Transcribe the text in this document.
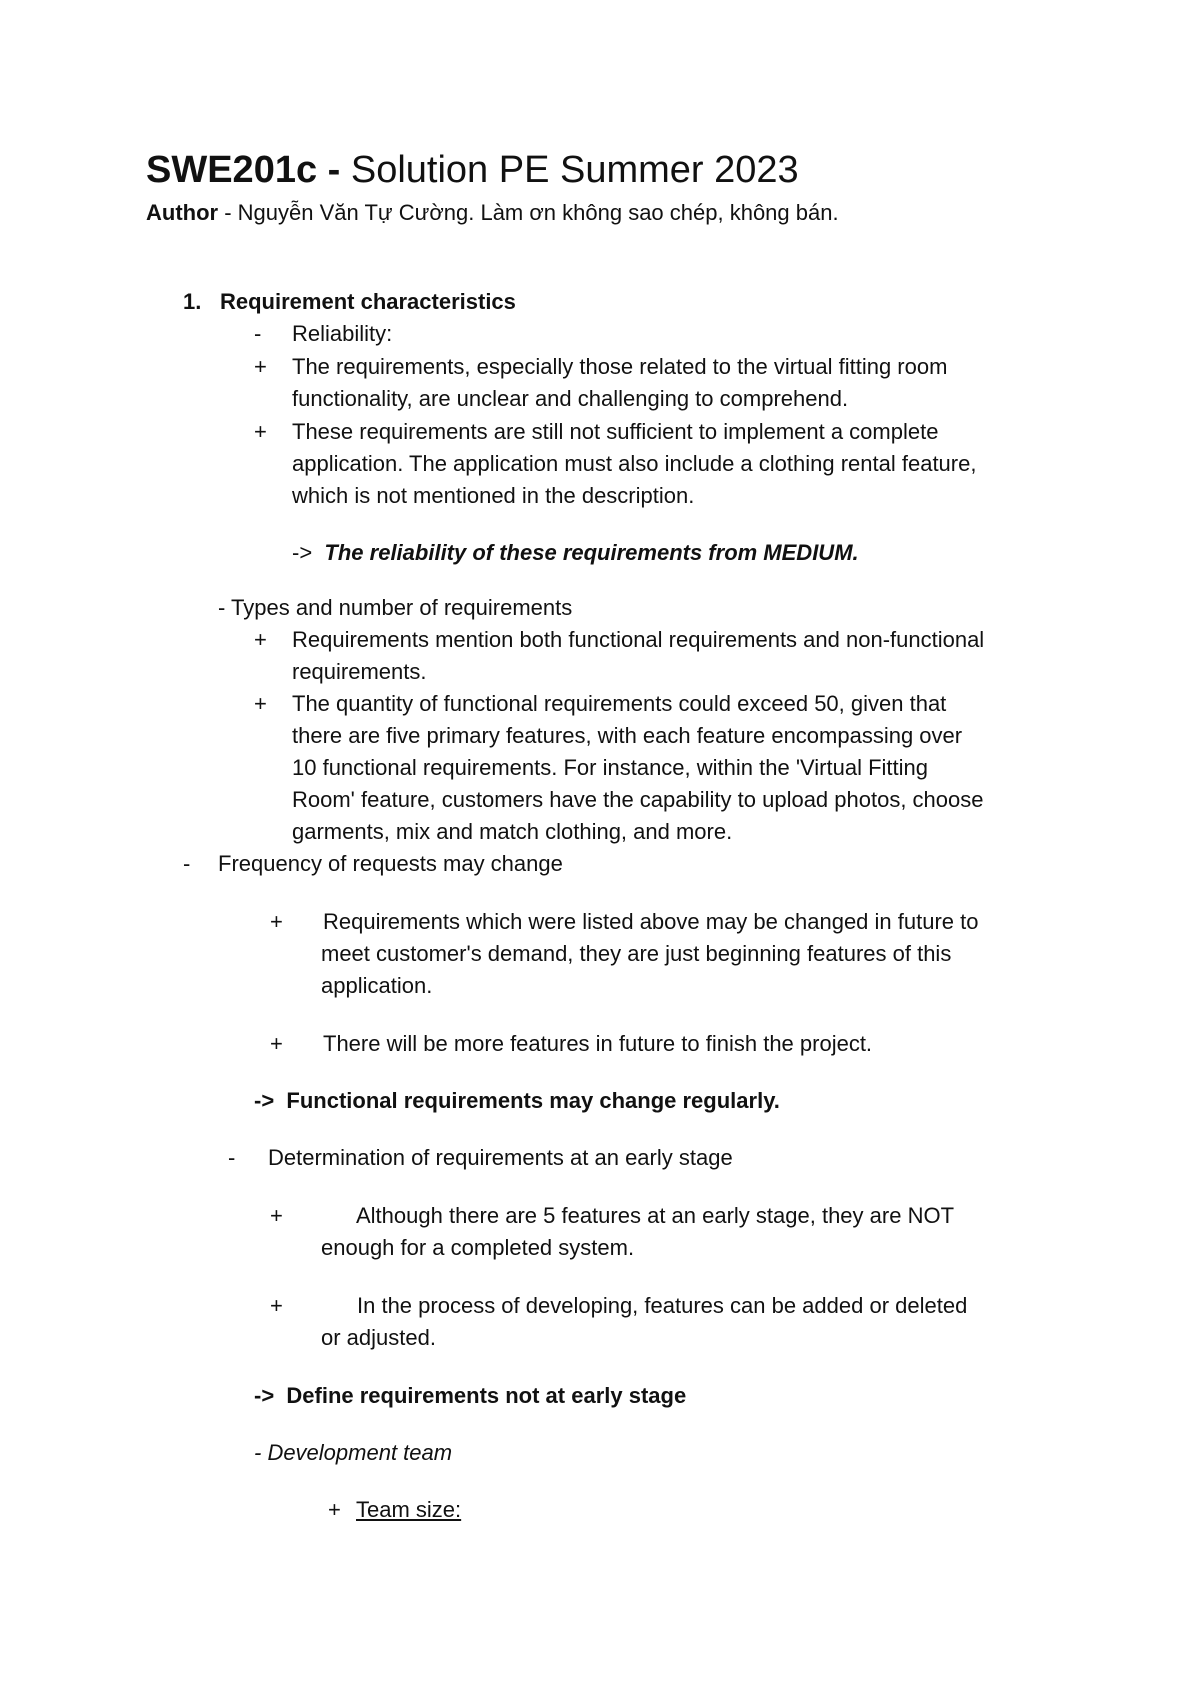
SWE201c - Solution PE Summer 2023
Author - Nguyễn Văn Tự Cường. Làm ơn không sao chép, không bán.
1. Requirement characteristics
- Reliability:
+ The requirements, especially those related to the virtual fitting room
functionality, are unclear and challenging to comprehend.
+ These requirements are still not sufficient to implement a complete
application. The application must also include a clothing rental feature,
which is not mentioned in the description.
-> The reliability of these requirements from MEDIUM.
- Types and number of requirements
+ Requirements mention both functional requirements and non-functional
requirements.
+ The quantity of functional requirements could exceed 50, given that
there are five primary features, with each feature encompassing over
10 functional requirements. For instance, within the 'Virtual Fitting
Room' feature, customers have the capability to upload photos, choose
garments, mix and match clothing, and more.
- Frequency of requests may change
+ Requirements which were listed above may be changed in future to
meet customer's demand, they are just beginning features of this
application.
+ There will be more features in future to finish the project.
->  Functional requirements may change regularly.
- Determination of requirements at an early stage
+	Although there are 5 features at an early stage, they are NOT
enough for a completed system.
+	In the process of developing, features can be added or deleted
or adjusted.
->  Define requirements not at early stage
- Development team
+ Team size:
